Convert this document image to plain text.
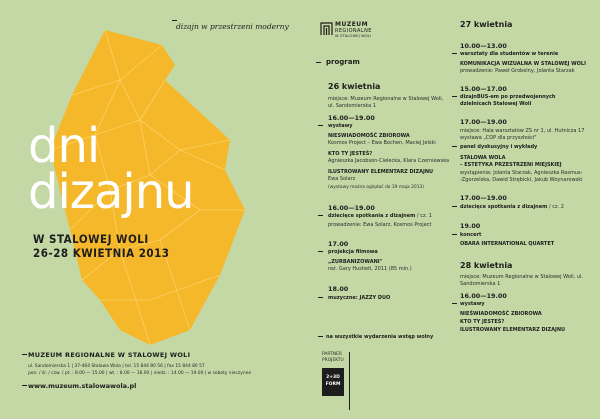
dizajn w przestrzeni moderny
dni
dizajnu
W STALOWEJ WOLI
26-28 KWIETNIA 2013
MUZEUM REGIONALNE W STALOWEJ WOLI
ul. Sandomierska 1 | 37-464 Stalowa Wola | tel. 15 844 80 56 | fax 15 844 80 57
pon. / śr. / czw. / pt. : 8.00 — 15.00 | wt. : 8.00 — 18.00 | niedz. : 14.00 — 19.00 | w soboty nieczynne
www.muzeum.stalowawola.pl
MUZEUM
REGIONALNE
W STALOWEJ WOLI
program
26 kwietnia
miejsce: Muzeum Regionalne w Stalowej Woli, ul. Sandomierska 1
16.00—19.00
wystawy
NIESWIADOMOŚĆ ZBIOROWA
Kosmos Project – Ewa Bochen, Maciej Jelski
KTO TY JESTEŚ?
Agnieszka Jacobson-Cielecka, Klara Czerniewska
ILUSTROWANY ELEMENTARZ DIZAJNU
Ewa Solarz
(wystawy można oglądać do 19 maja 2013)
16.00—19.00
dziecięce spotkania z dizajnem / cz. 1
prowadzenie: Ewa Solarz, Kosmos Project
17.00
projekcja filmowa
„ZURBANIZOWANI"
reż. Gary Hustwit, 2011 (85 min.)
18.00
muzyczne: JAZZY DUO
na wszystkie wydarzenia wstęp wolny
PARTNER
PROJEKTU
2+3D
FORM
27 kwietnia
10.00—13.00
warsztaty dla studentów w terenie
KOMUNIKACJA WIZUALNA W STALOWEJ WOLI
prowadzenie: Paweł Grobelny, Jolanta Starzak
15.00—17.00
dizajnBUS-em po przedwojennych
dzielnicach Stalowej Woli
17.00—19.00
miejsce: Hala warsztatów ZS nr 1, ul. Hutnicza 17
wystawa „COP dla przyszłości"
panel dyskusyjny i wykłady
STALOWA WOLA
– ESTETYKA PRZESTRZENI MIEJSKIEJ
wystąpienia: Jolanta Starzak, Agnieszka Rasmus-
-Zgorzelska, Dawid Strębicki, Jakub Woynarowski
17.00—19.00
dziecięce spotkania z dizajnem / cz. 2
19.00
koncert
OBARA INTERNATIONAL QUARTET
28 kwietnia
miejsce: Muzeum Regionalne w Stalowej Woli, ul. Sandomierska 1
16.00—19.00
wystawy
NIEŚWIADOMOŚĆ ZBIOROWA
KTO TY JESTEŚ?
ILUSTROWANY ELEMENTARZ DIZAJNU
